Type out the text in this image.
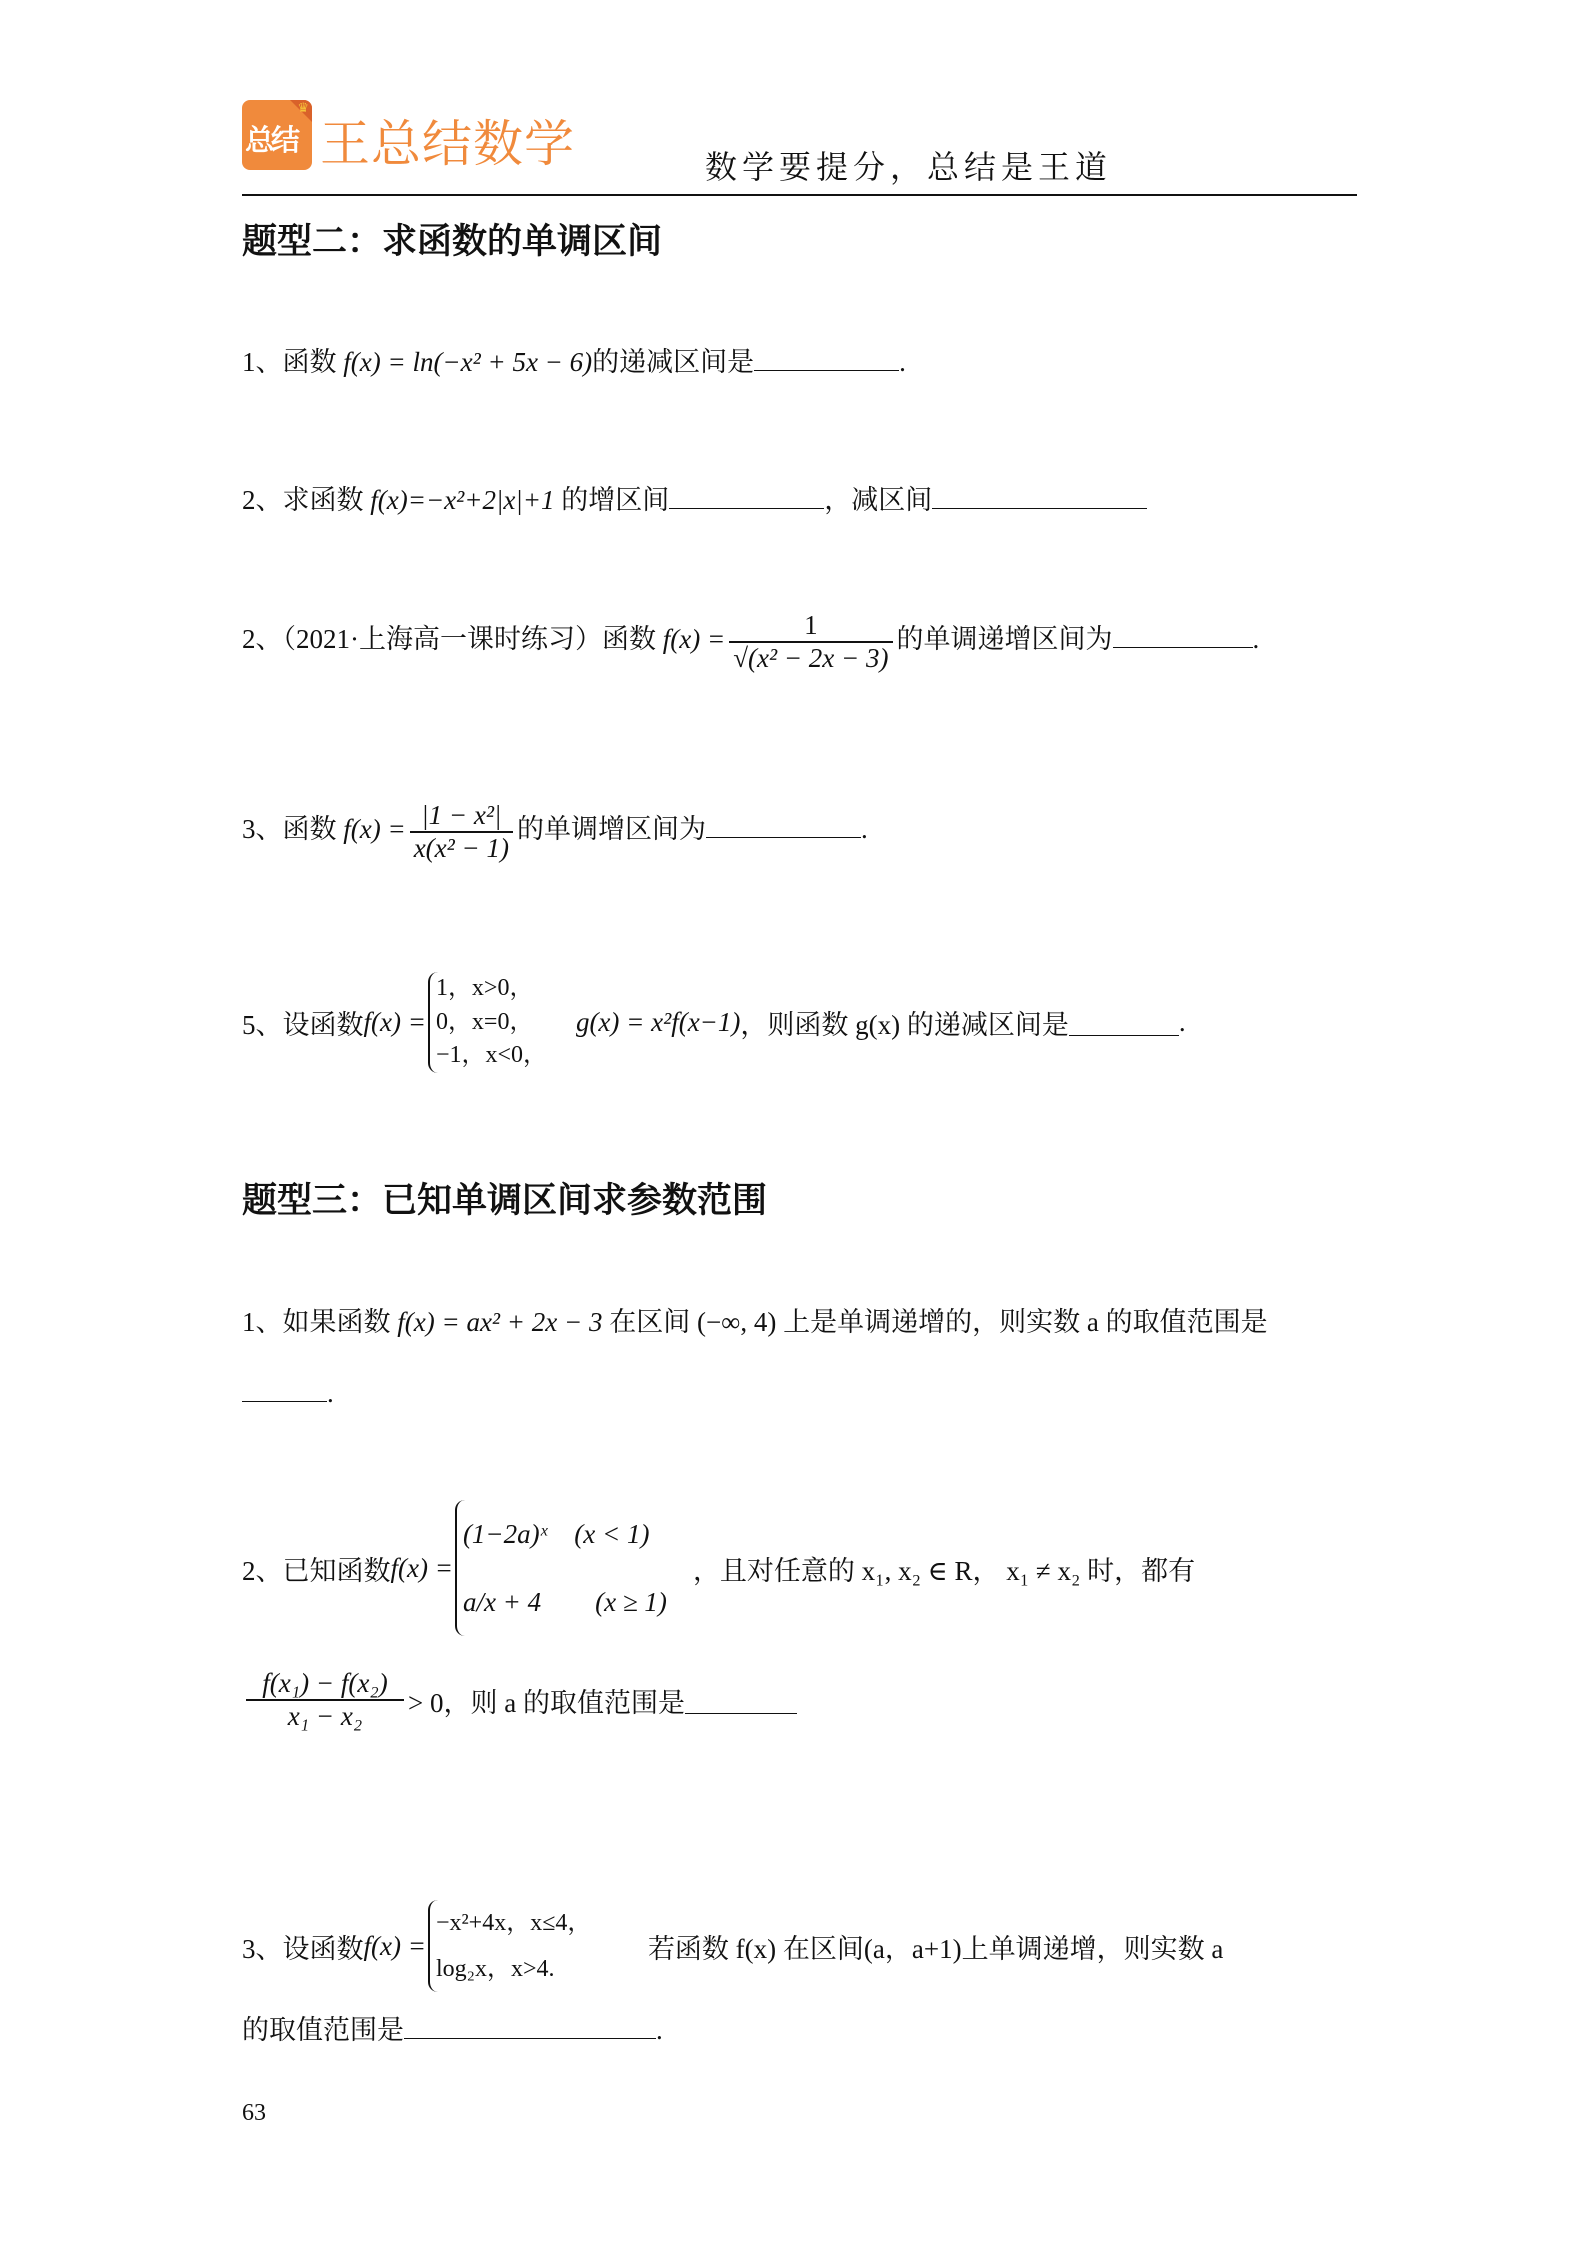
♛
总结 王总结数学	数学要提分，总结是王道
题型二：求函数的单调区间
1、函数 f(x) = ln(−x² + 5x − 6)的递减区间是	.
2、求函数 f(x)=−x²+2|x|+1 的增区间	，减区间
2、（2021·上海高一课时练习）函数 $f(x) = \frac{1}{\text{√(x² − 2x − 3)}}$ 的单调递增区间为	.
3、函数 $f(x) = \frac{\text{|1 − x²|}}{\text{x(x² − 1)}}$ 的单调增区间为	.
5、 设函数 f(x) =
1，x>0，
0，x=0，
−1，x<0，
g(x) = x²f(x−1) ，则函数 g(x) 的递减区间是	.
题型三：已知单调区间求参数范围
1、如果函数 f(x) = ax² + 2x − 3 在区间 (−∞, 4) 上是单调递增的，则实数 a 的取值范围是
.
2、 已知函数 f(x) =
(1−2a)ˣ　(x < 1)
a/x + 4　　(x ≥ 1)
，且对任意的 x₁, x₂ ∈ R， x₁ ≠ x₂ 时，都有
$\frac{\text{f(x₁) − f(x₂)}}{\text{x₁ − x₂}} > 0$，则 a 的取值范围是
3、 设函数 f(x) =
−x²+4x，x≤4，
log₂x，x>4.
若函数 f(x) 在区间(a，a+1)上单调递增，则实数 a
的取值范围是	.
63
